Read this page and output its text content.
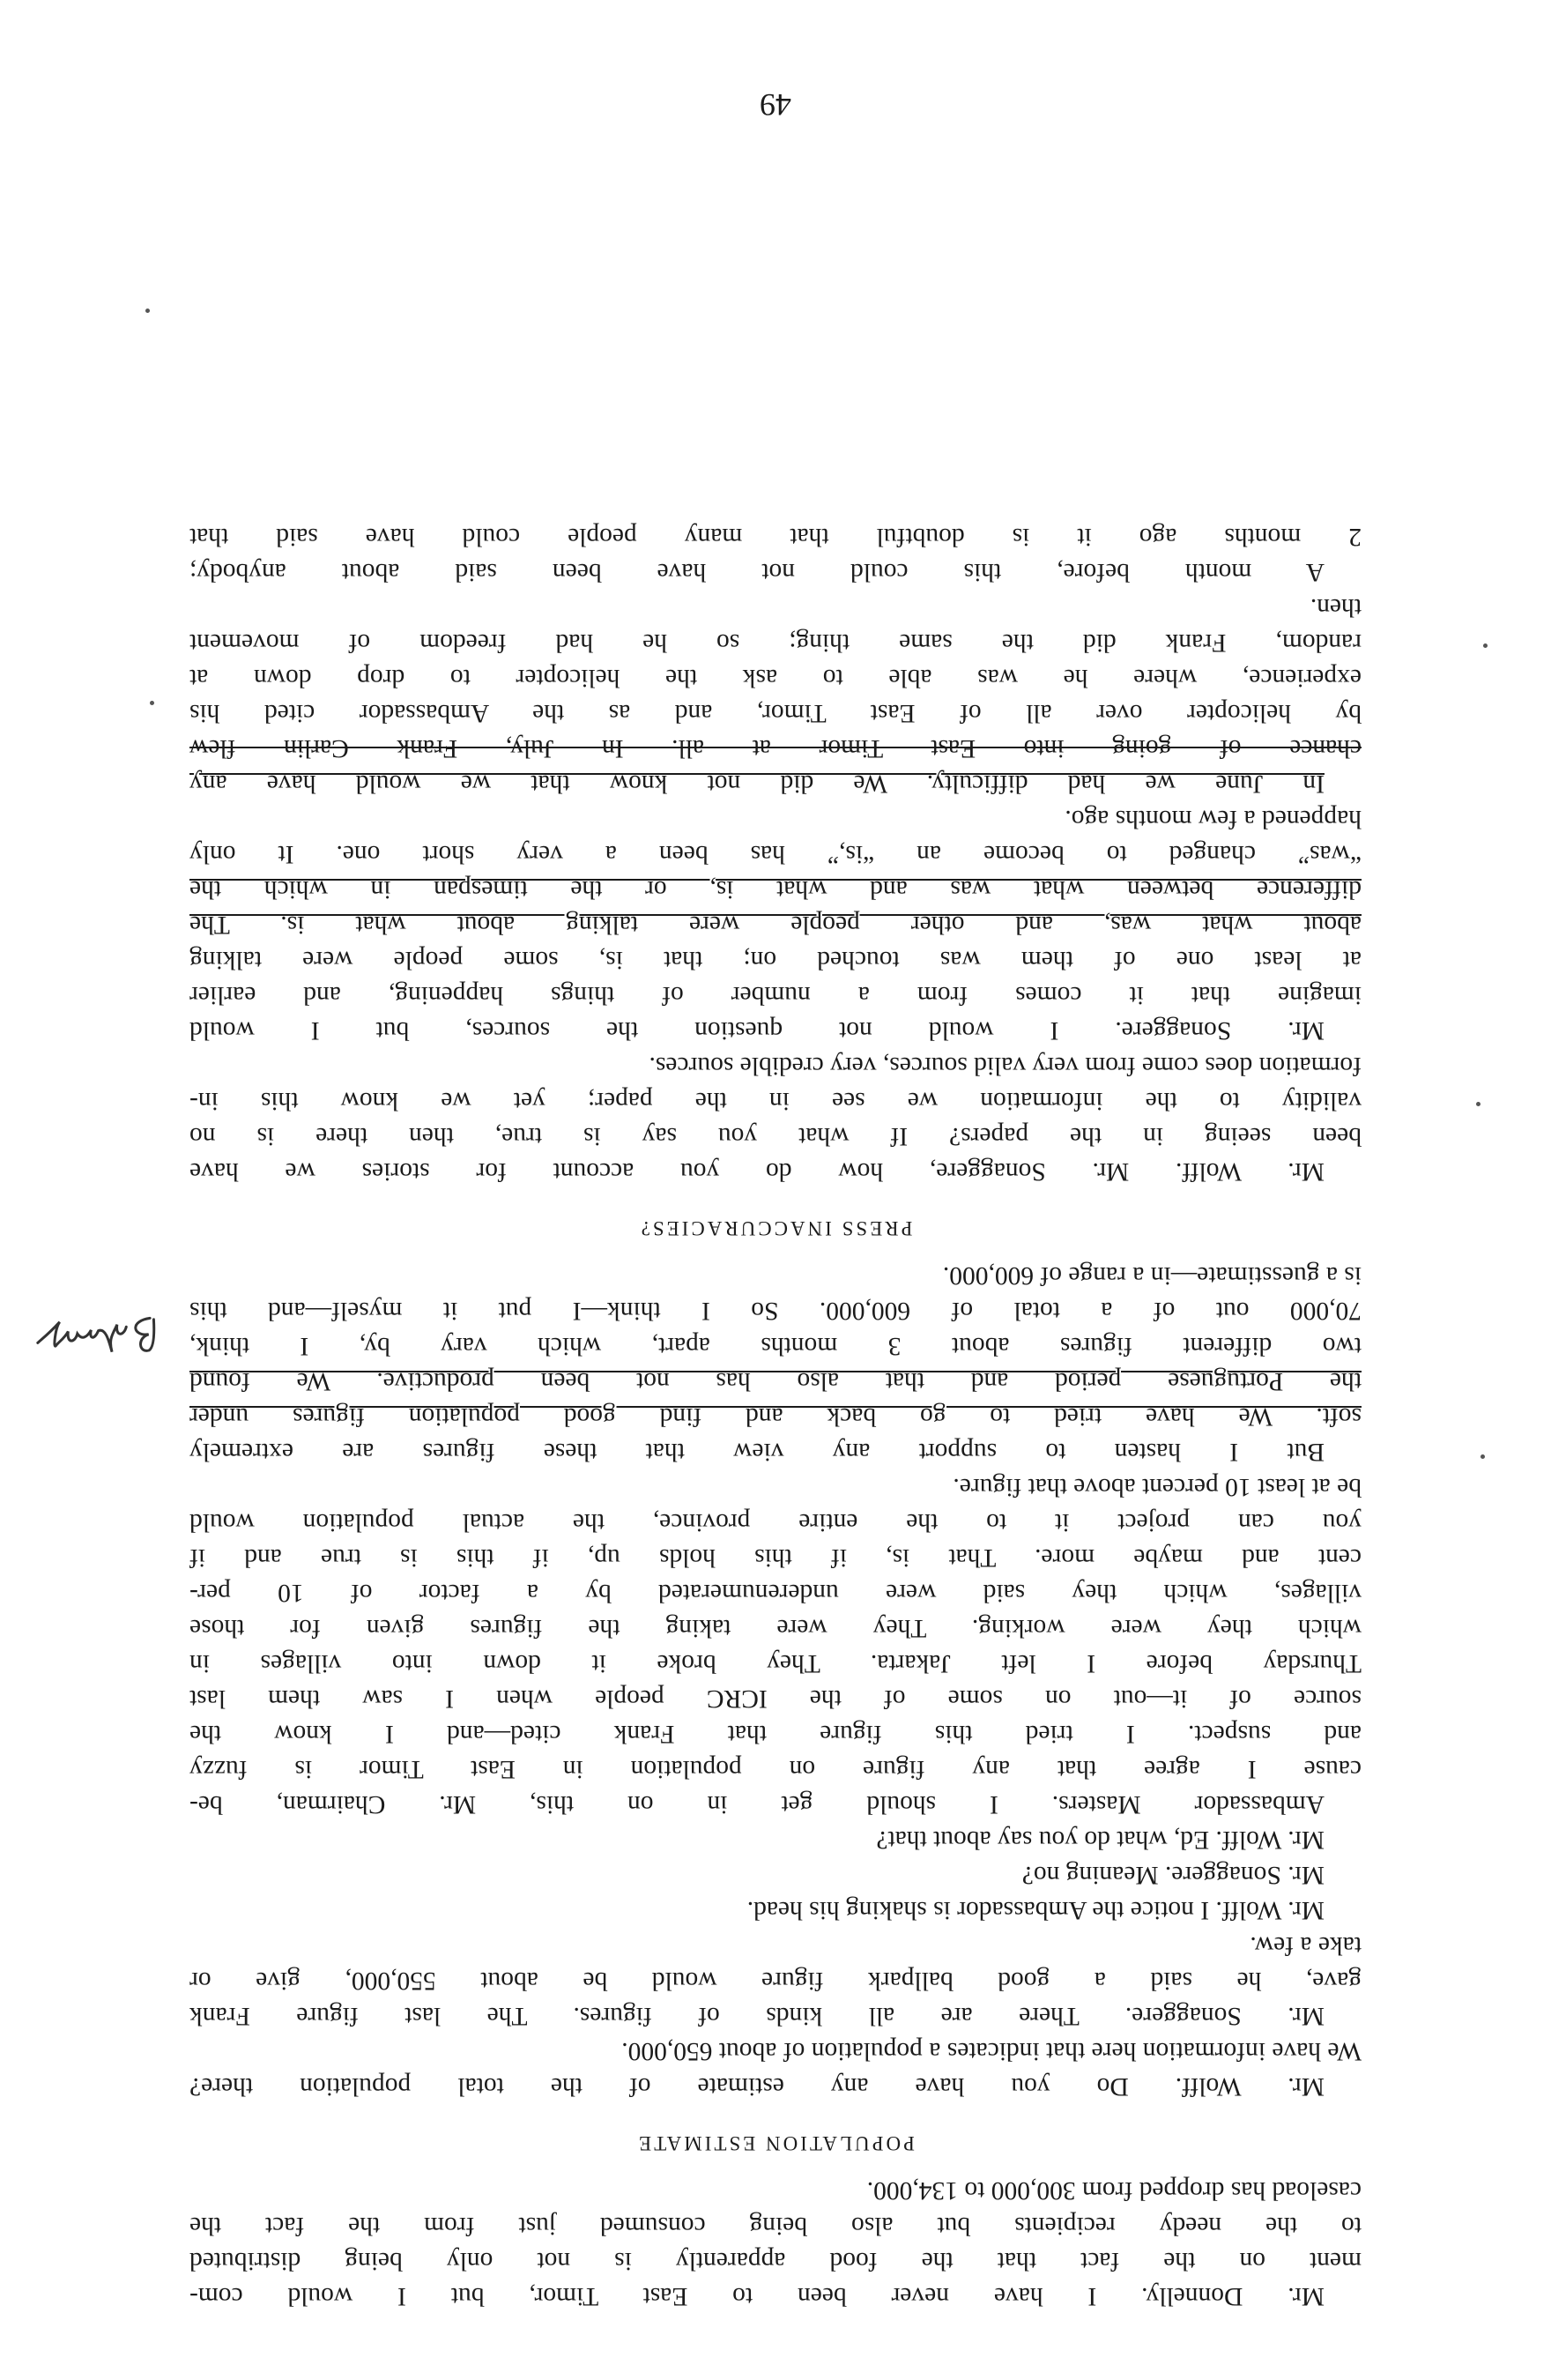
49
Mr. Donnelly. I have never been to East Timor, but I would com-
ment on the fact that the food apparently is not only being distributed
to the needy recipients but also being consumed just from the fact the
caseload has dropped from 300,000 to 134,000.
POPULATION ESTIMATE
Mr. Wolff. Do you have any estimate of the total population there?
We have information here that indicates a population of about 650,000.
Mr. Sonaggere. There are all kinds of figures. The last figure Frank
gave, he said a good ballpark figure would be about 550,000, give or
take a few.
Mr. Wolff. I notice the Ambassador is shaking his head.
Mr. Sonaggere. Meaning no?
Mr. Wolff. Ed, what do you say about that?
Ambassador Masters. I should get in on this, Mr. Chairman, be-
cause I agree that any figure on population in East Timor is fuzzy
and suspect. I tried this figure that Frank cited—and I know the
source of it—out on some of the ICRC people when I saw them last
Thursday before I left Jakarta. They broke it down into villages in
which they were working. They were taking the figures given for those
villages, which they said were underenumerated by a factor of 10 per-
cent and maybe more. That is, if this holds up, if this is true and if
you can project it to the entire province, the actual population would
be at least 10 percent above that figure.
But I hasten to support any view that these figures are extremely
soft. We have tried to go back and find good population figures under
the Portuguese period and that also has not been productive. We found
two different figures about 3 months apart, which vary by, I think,
70,000 out of a total of 600,000. So I think—I put it myself—and this
is a guesstimate—in a range of 600,000.
PRESS INACCURACIES?
Mr. Wolff. Mr. Sonaggere, how do you account for stories we have
been seeing in the papers? If what you say is true, then there is no
validity to the information we see in the paper; yet we know this in-
formation does come from very valid sources, very credible sources.
Mr. Sonaggere. I would not question the sources, but I would
imagine that it comes from a number of things happening, and earlier
at least one of them was touched on; that is, some people were talking
about what was, and other people were talking about what is. The
difference between what was and what is, or the timespan in which the
“was” changed to become an “is,” has been a very short one. It only
happened a few months ago.
In June we had difficulty. We did not know that we would have any
chance of going into East Timor at all. In July, Frank Carlin flew
by helicopter over all of East Timor, and as the Ambassador cited his
experience, where he was able to ask the helicopter to drop down at
random, Frank did the same thing; so he had freedom of movement
then.
A month before, this could not have been said about anybody;
2 months ago it is doubtful that many people could have said that
